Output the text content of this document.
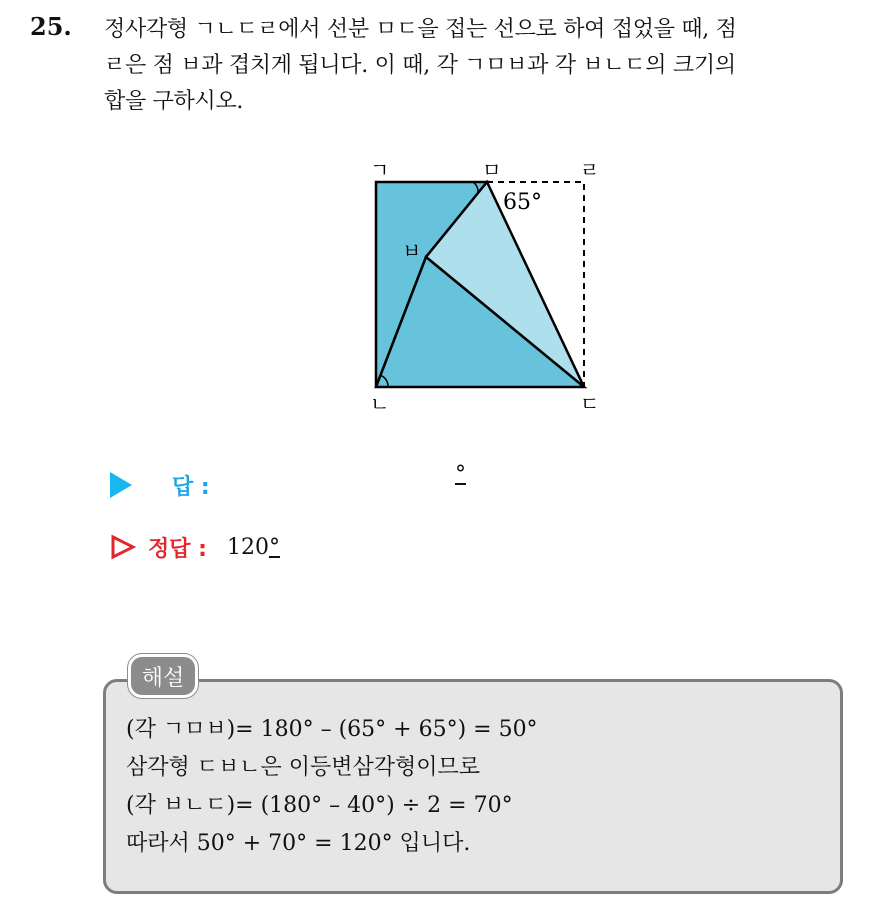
25. 정사각형 ㄱㄴㄷㄹ에서 선분 ㅁㄷ을 접는 선으로 하여 접었을 때, 점
ㄹ은 점 ㅂ과 겹치게 됩니다. 이 때, 각 ㄱㅁㅂ과 각 ㅂㄴㄷ의 크기의
합을 구하시오.
ㄱ	ㅁ	ㄹ
ㅂ
ㄴ	ㄷ
65°
답 :	°
정답 : 120°
해설
(각 ㄱㅁㅂ)= 180° – (65° + 65°) = 50°
삼각형 ㄷㅂㄴ은 이등변삼각형이므로
(각 ㅂㄴㄷ)= (180° – 40°) ÷ 2 = 70°
따라서 50° + 70° = 120° 입니다.
